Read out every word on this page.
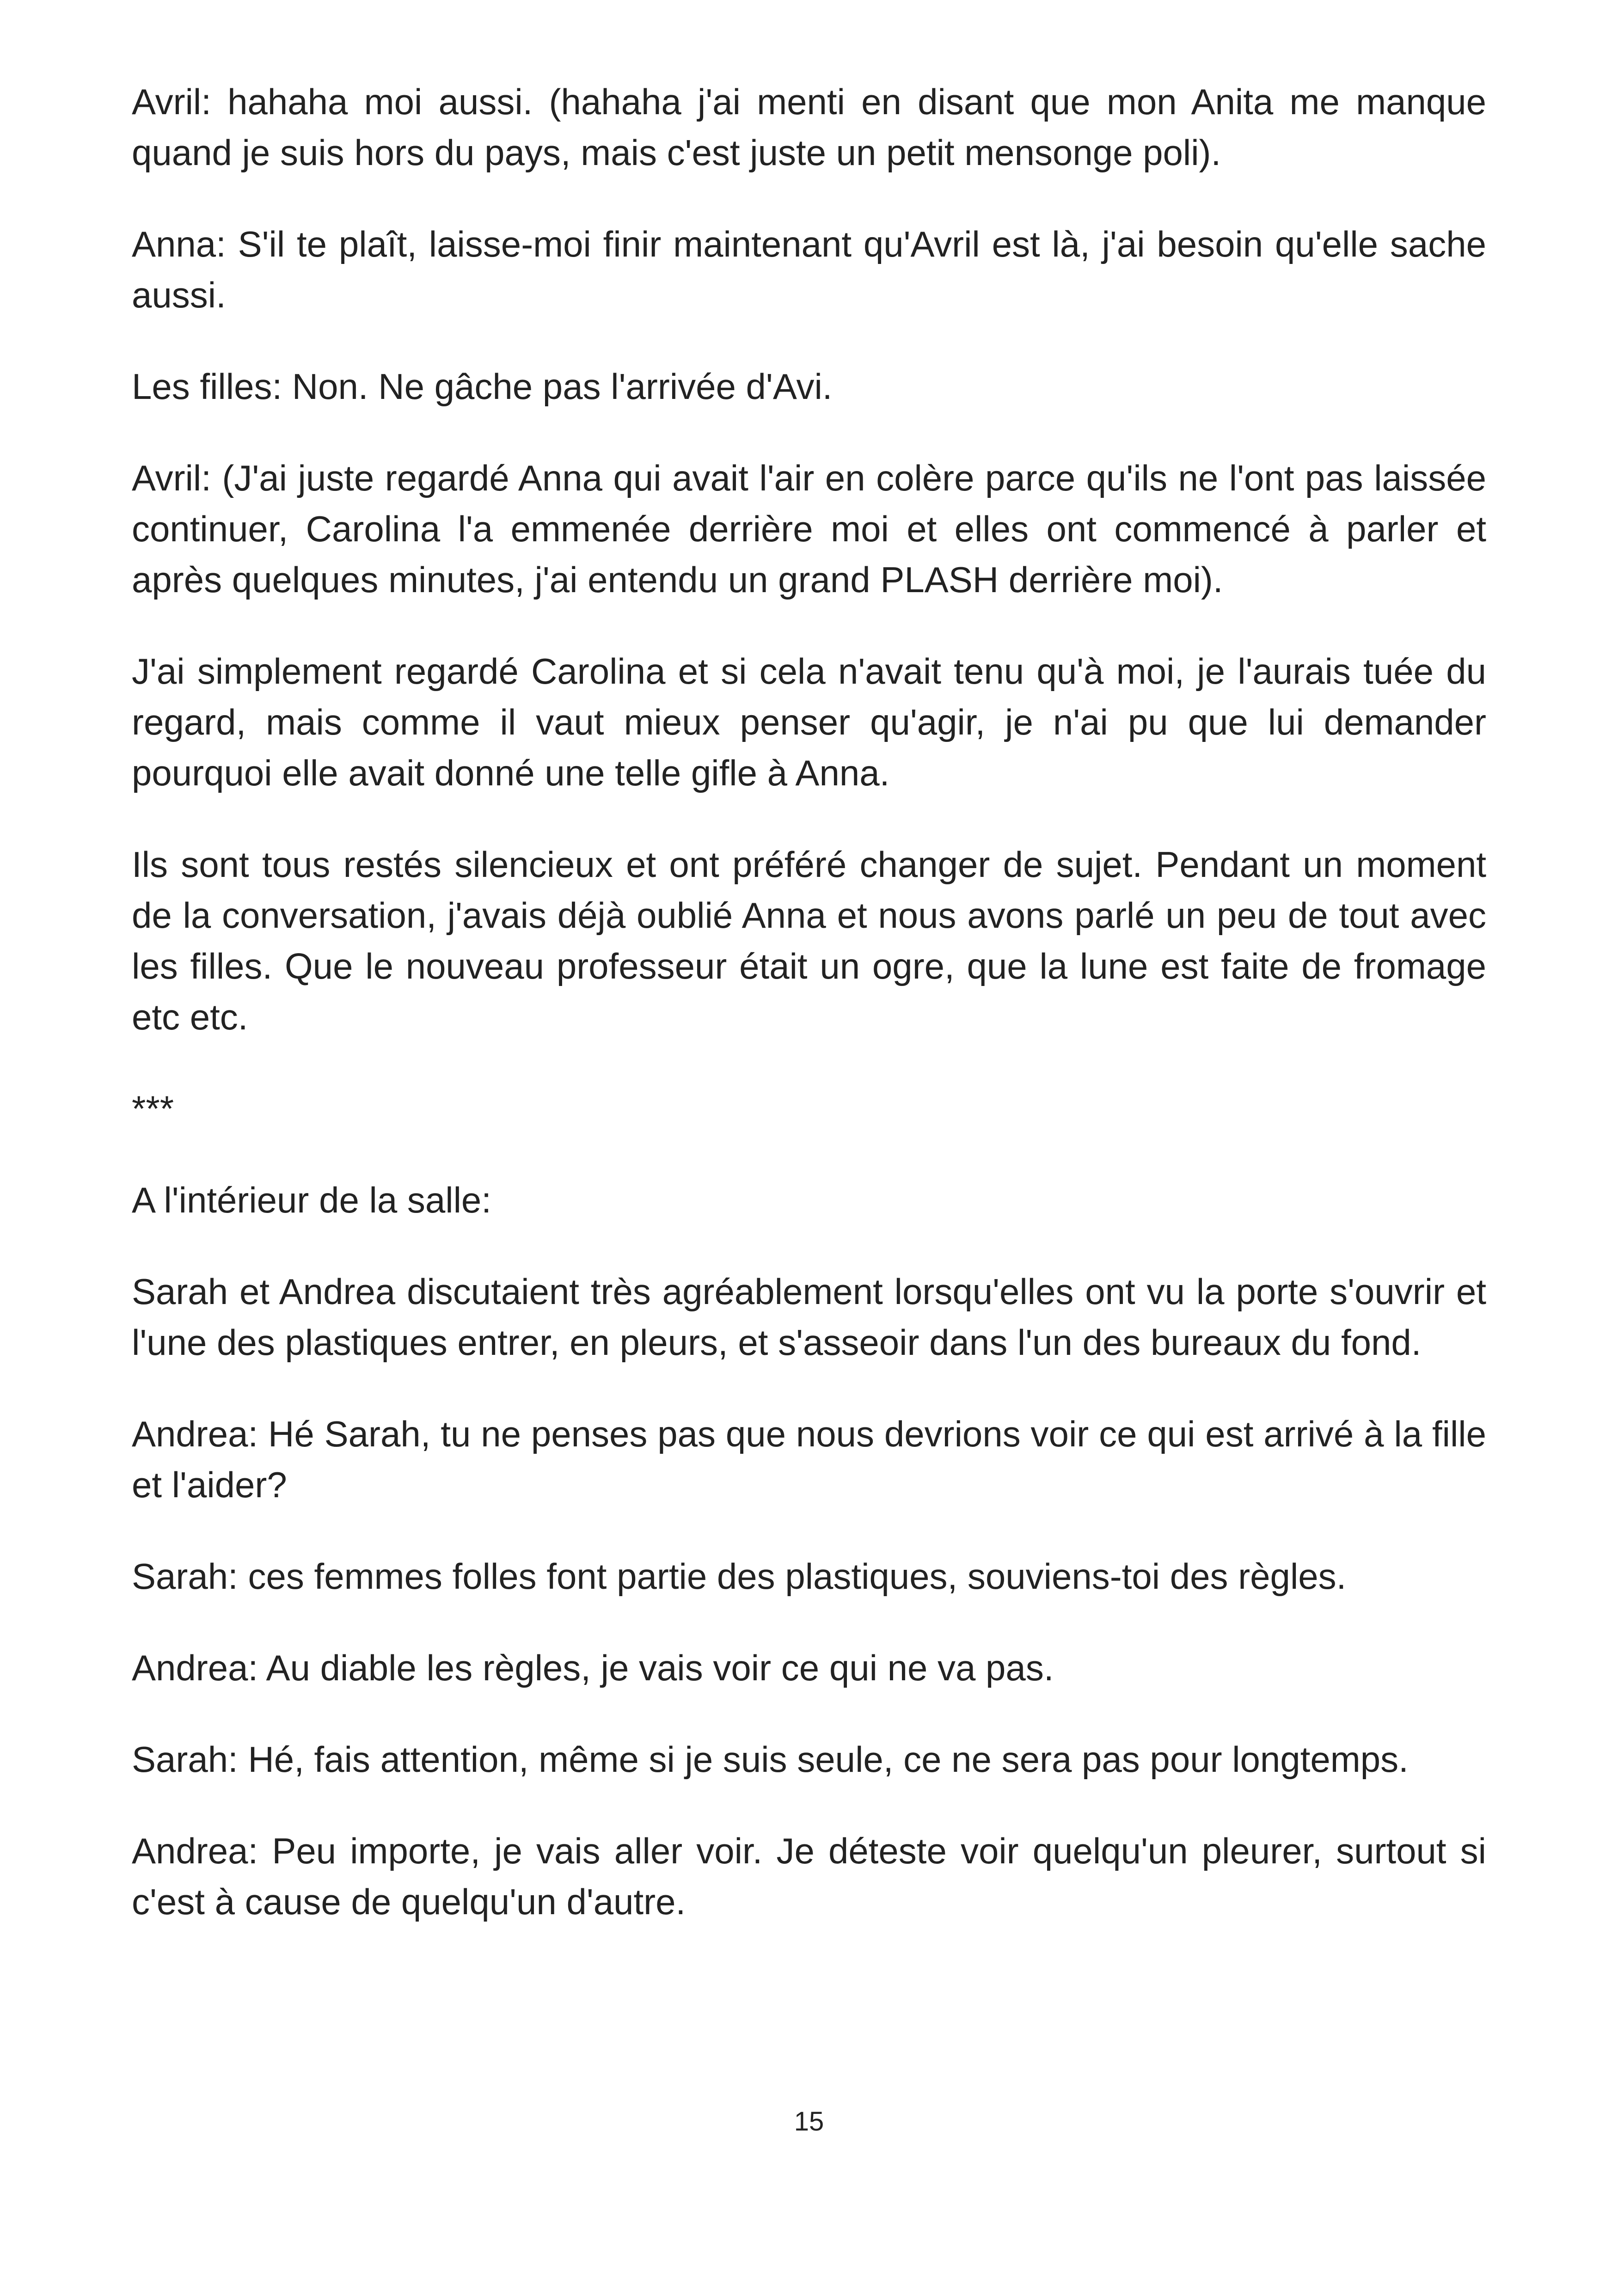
Avril: hahaha moi aussi. (hahaha j'ai menti en disant que mon Anita me manque quand je suis hors du pays, mais c'est juste un petit mensonge poli).

Anna: S'il te plaît, laisse-moi finir maintenant qu'Avril est là, j'ai besoin qu'elle sache aussi.

Les filles: Non. Ne gâche pas l'arrivée d'Avi.

Avril: (J'ai juste regardé Anna qui avait l'air en colère parce qu'ils ne l'ont pas laissée continuer, Carolina l'a emmenée derrière moi et elles ont commencé à parler et après quelques minutes, j'ai entendu un grand PLASH derrière moi).

J'ai simplement regardé Carolina et si cela n'avait tenu qu'à moi, je l'aurais tuée du regard, mais comme il vaut mieux penser qu'agir, je n'ai pu que lui demander pourquoi elle avait donné une telle gifle à Anna.

Ils sont tous restés silencieux et ont préféré changer de sujet. Pendant un moment de la conversation, j'avais déjà oublié Anna et nous avons parlé un peu de tout avec les filles. Que le nouveau professeur était un ogre, que la lune est faite de fromage etc etc.

***

A l'intérieur de la salle:

Sarah et Andrea discutaient très agréablement lorsqu'elles ont vu la porte s'ouvrir et l'une des plastiques entrer, en pleurs, et s'asseoir dans l'un des bureaux du fond.

Andrea: Hé Sarah, tu ne penses pas que nous devrions voir ce qui est arrivé à la fille et l'aider?

Sarah: ces femmes folles font partie des plastiques, souviens-toi des règles.

Andrea: Au diable les règles, je vais voir ce qui ne va pas.

Sarah: Hé, fais attention, même si je suis seule, ce ne sera pas pour longtemps.

Andrea: Peu importe, je vais aller voir. Je déteste voir quelqu'un pleurer, surtout si c'est à cause de quelqu'un d'autre.

15
